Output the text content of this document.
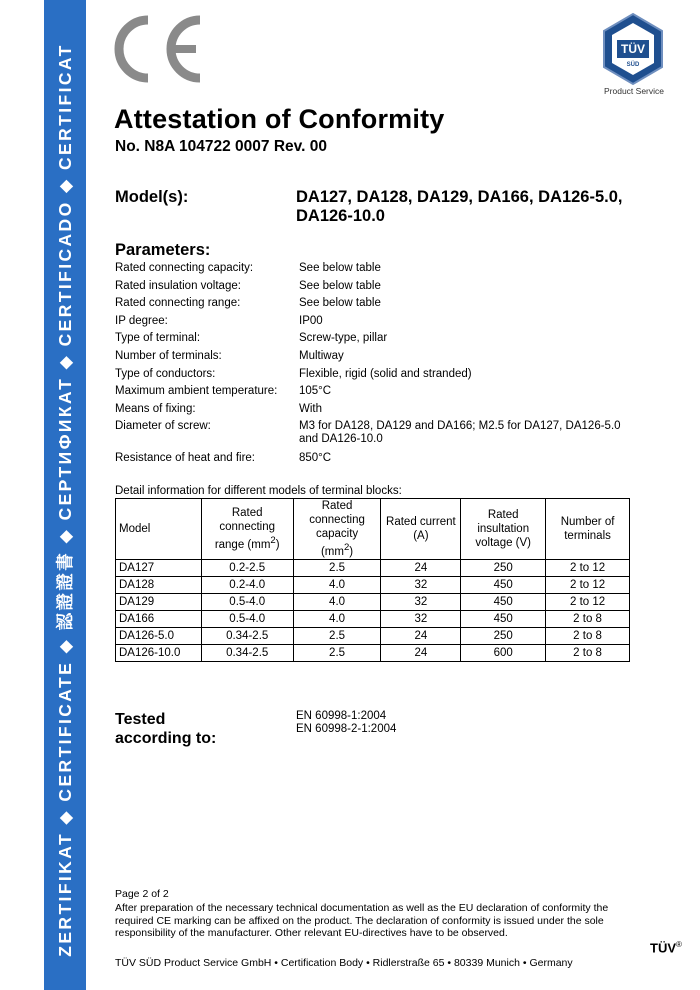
ZERTIFIKAT ◆ CERTIFICATE ◆ 認證證書 ◆ СЕРТИФИКАТ ◆ CERTIFICADO ◆ CERTIFICAT	TÜV
SÜD
Product Service
Attestation of Conformity
No. N8A 104722 0007 Rev. 00
Model(s):	DA127, DA128, DA129, DA166, DA126-5.0, DA126-10.0
Parameters:
Rated connecting capacity:	See below table
Rated insulation voltage:	See below table
Rated connecting range:	See below table
IP degree:	IP00
Type of terminal:	Screw-type, pillar
Number of terminals:	Multiway
Type of conductors:	Flexible, rigid (solid and stranded)
Maximum ambient temperature: 105°C
Means of fixing:	With
Diameter of screw:	M3 for DA128, DA129 and DA166; M2.5 for DA127, DA126-5.0 and DA126-10.0
Resistance of heat and fire:	850°C
Detail information for different models of terminal blocks:
Model	Rated connecting range $(mm^2)$	Rated connecting capacity
$(mm^2)$	Rated current (A)	Rated insultation voltage (V)	Number of terminals
DA127	0.2-2.5	2.5	24	250	2 to 12
DA128	0.2-4.0	4.0	32	450	2 to 12
DA129	0.5-4.0	4.0	32	450	2 to 12
DA166	0.5-4.0	4.0	32	450	2 to 8
DA126-5.0	0.34-2.5	2.5	24	250	2 to 8
DA126-10.0	0.34-2.5	2.5	24	600	2 to 8
Tested
according to:
EN 60998-1:2004
EN 60998-2-1:2004
Page 2 of 2
After preparation of the necessary technical documentation as well as the EU declaration of conformity the required CE marking can be affixed on the product. The declaration of conformity is issued under the sole responsibility of the manufacturer. Other relevant EU-directives have to be observed.
TÜV®
TÜV SÜD Product Service GmbH • Certification Body • Ridlerstraße 65 • 80339 Munich • Germany
